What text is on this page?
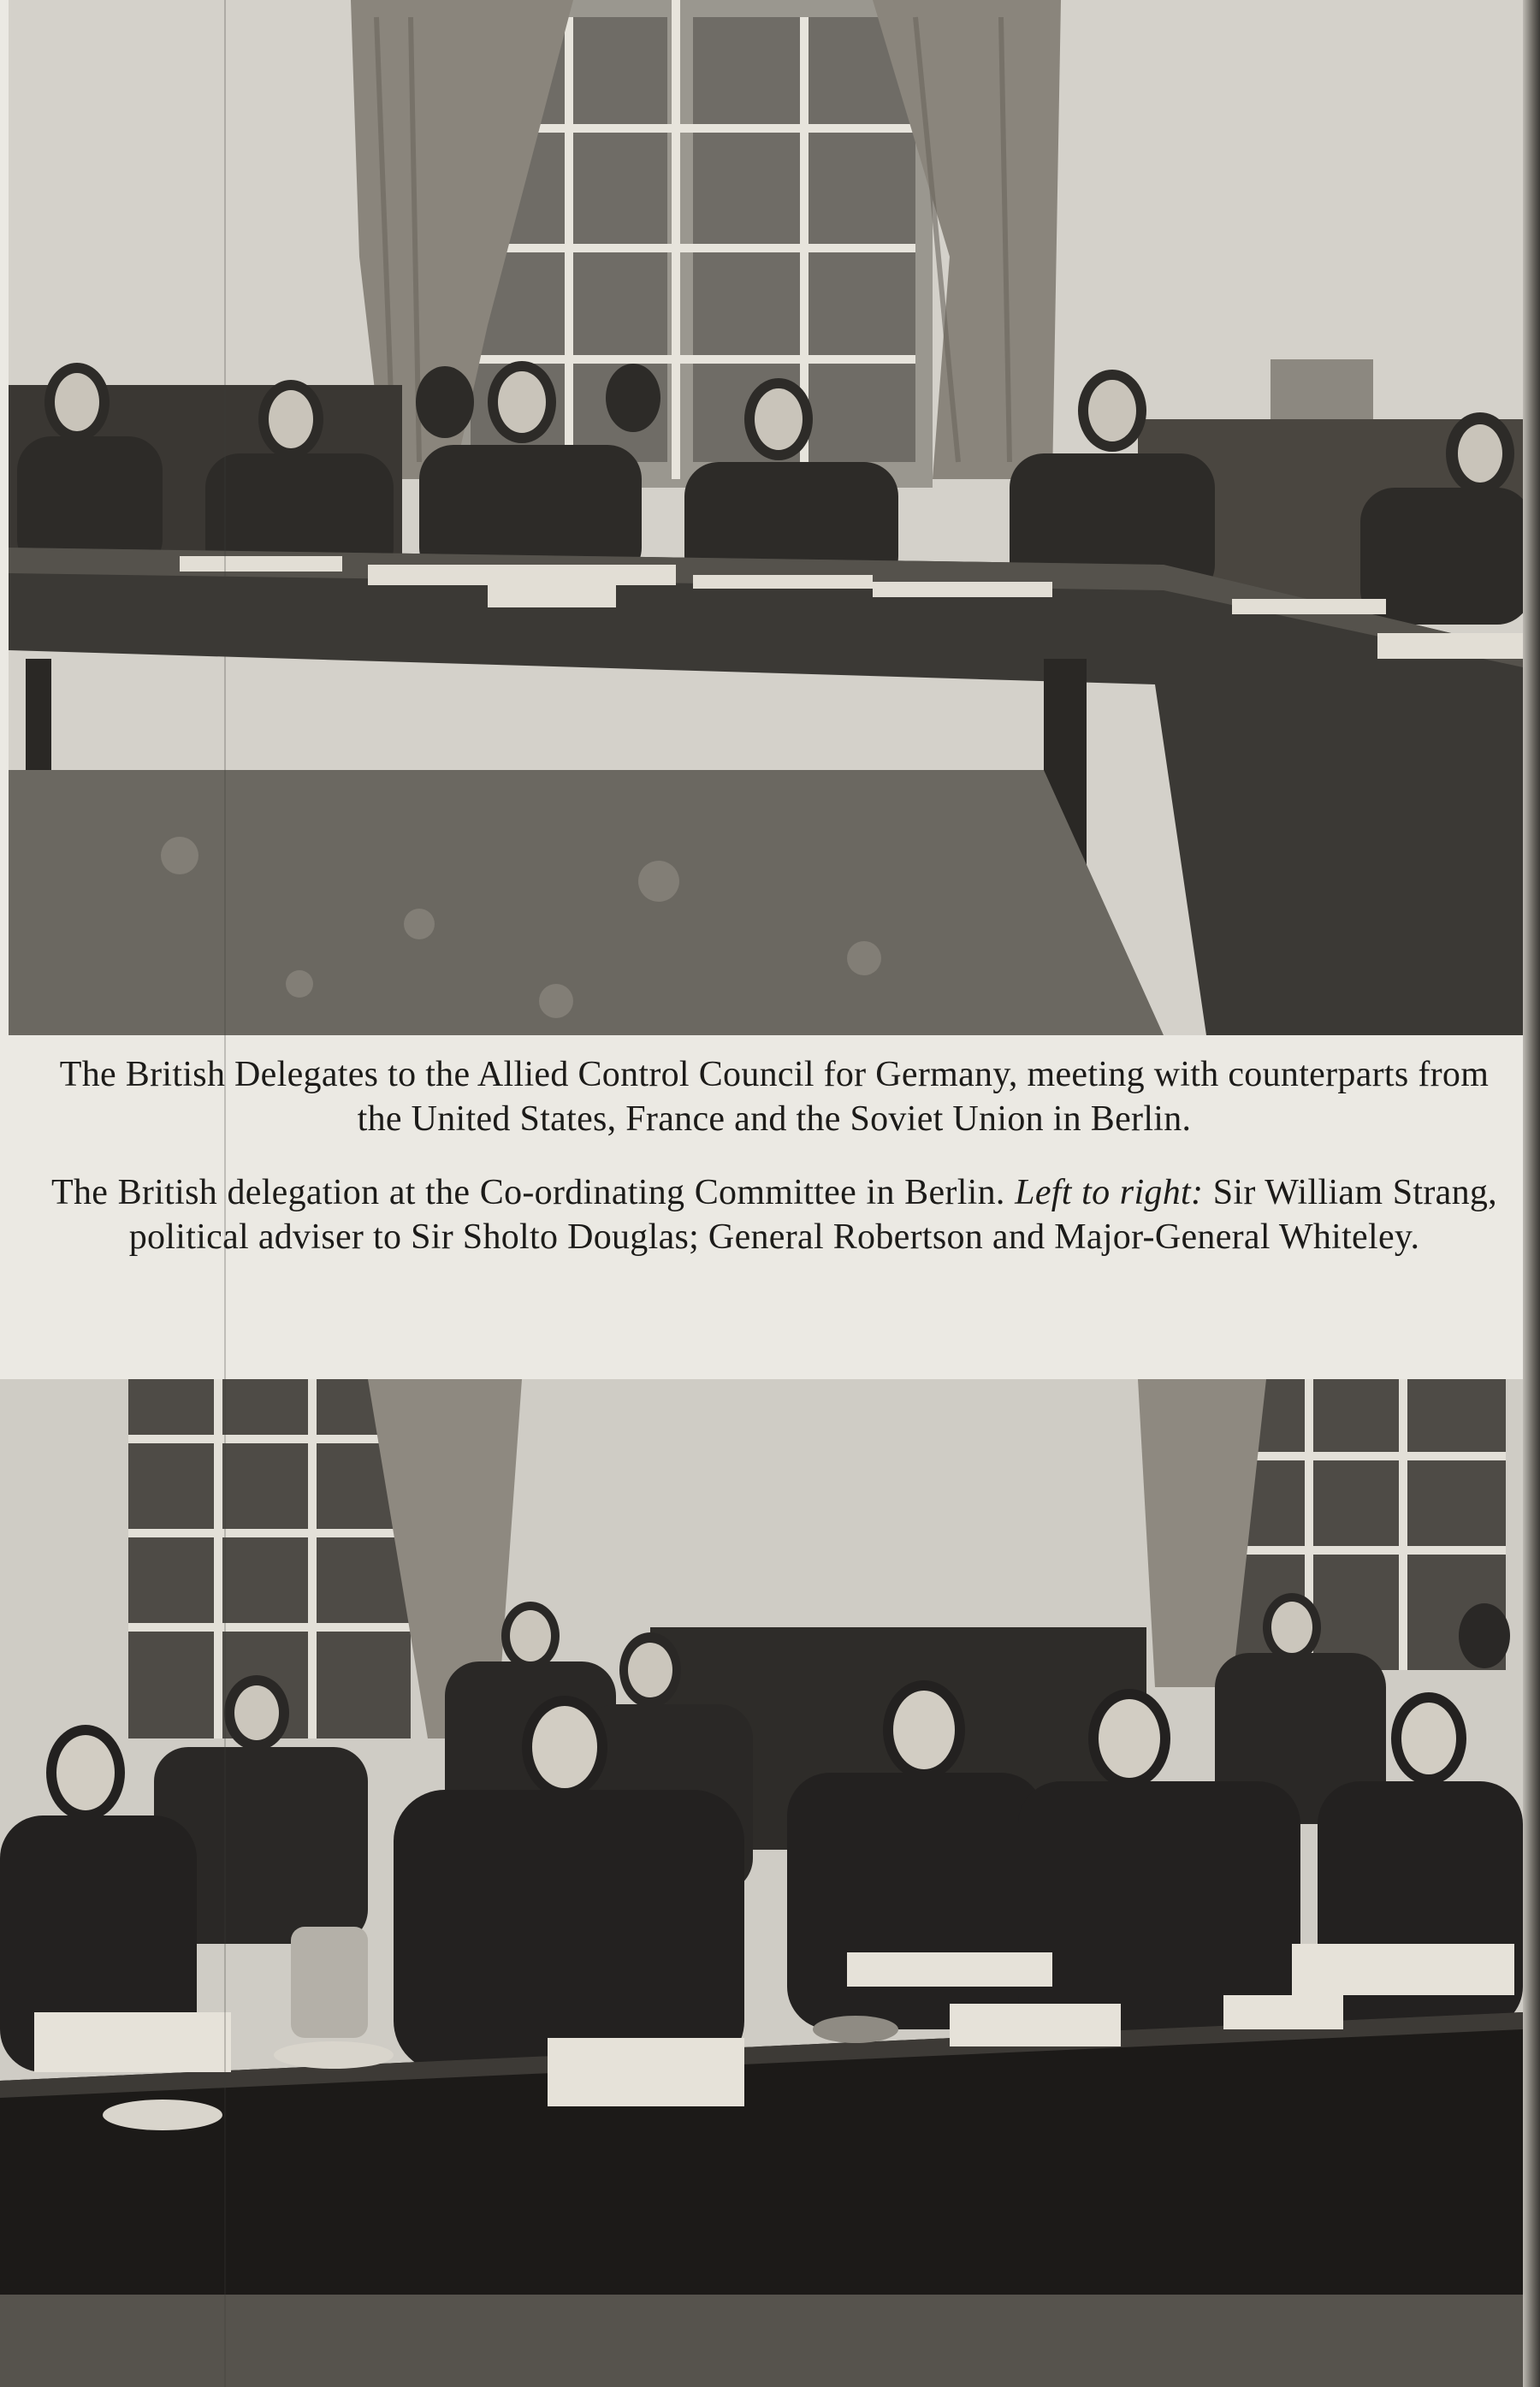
The British Delegates to the Allied Control Council for Germany, meeting with counterparts from the United States, France and the Soviet Union in Berlin.

The British delegation at the Co-ordinating Committee in Berlin. Left to right: Sir William Strang, political adviser to Sir Sholto Douglas; General Robertson and Major-General Whiteley.
